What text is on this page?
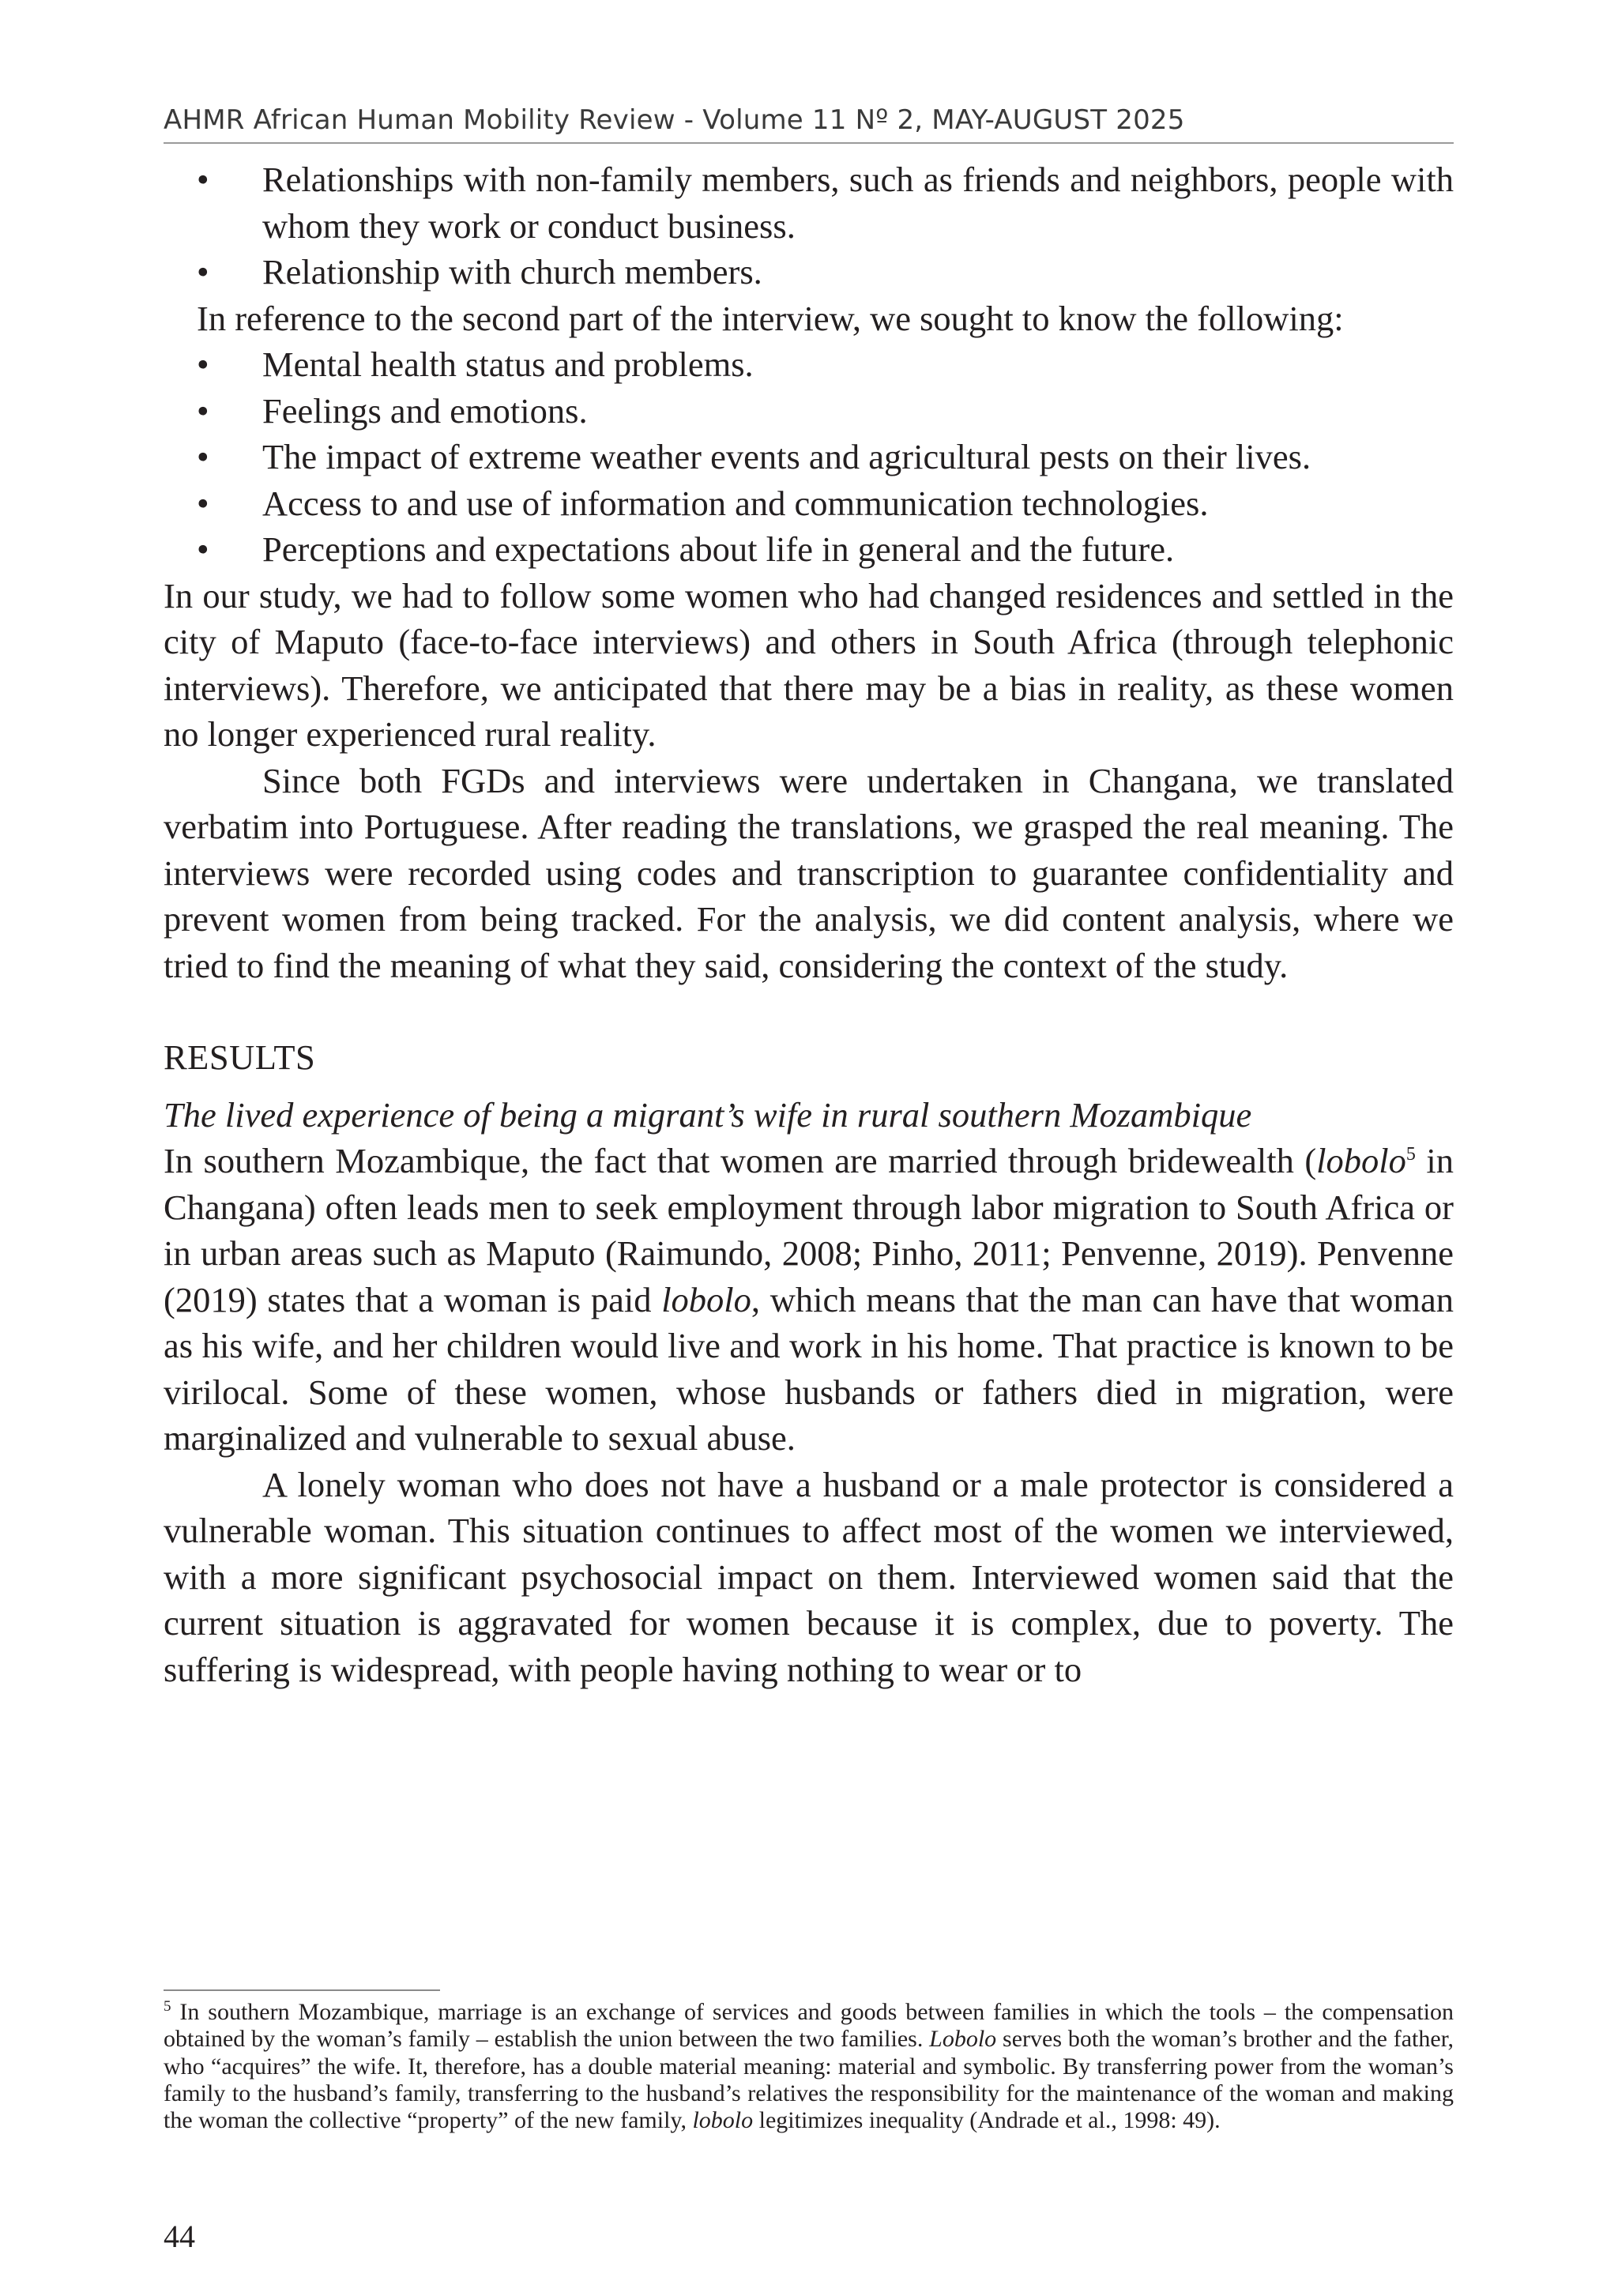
AHMR African Human Mobility Review - Volume 11 Nº 2, MAY-AUGUST 2025
• Relationships with non-family members, such as friends and neighbors, people with whom they work or conduct business.
• Relationship with church members.

In reference to the second part of the interview, we sought to know the following:

• Mental health status and problems.
• Feelings and emotions.
• The impact of extreme weather events and agricultural pests on their lives.
• Access to and use of information and communication technologies.
• Perceptions and expectations about life in general and the future.

In our study, we had to follow some women who had changed residences and settled in the city of Maputo (face-to-face interviews) and others in South Africa (through telephonic interviews). Therefore, we anticipated that there may be a bias in reality, as these women no longer experienced rural reality.

Since both FGDs and interviews were undertaken in Changana, we translated verbatim into Portuguese. After reading the translations, we grasped the real meaning. The interviews were recorded using codes and transcription to guarantee confidentiality and prevent women from being tracked. For the analysis, we did content analysis, where we tried to find the meaning of what they said, considering the context of the study.

RESULTS
The lived experience of being a migrant’s wife in rural southern Mozambique

In southern Mozambique, the fact that women are married through bridewealth (lobolo$^5$ in Changana) often leads men to seek employment through labor migration to South Africa or in urban areas such as Maputo (Raimundo, 2008; Pinho, 2011; Penvenne, 2019). Penvenne (2019) states that a woman is paid lobolo, which means that the man can have that woman as his wife, and her children would live and work in his home. That practice is known to be virilocal. Some of these women, whose husbands or fathers died in migration, were marginalized and vulnerable to sexual abuse.

A lonely woman who does not have a husband or a male protector is considered a vulnerable woman. This situation continues to affect most of the women we interviewed, with a more significant psychosocial impact on them. Interviewed women said that the current situation is aggravated for women because it is complex, due to poverty. The suffering is widespread, with people having nothing to wear or to

$^5$ In southern Mozambique, marriage is an exchange of services and goods between families in which the tools – the compensation obtained by the woman’s family – establish the union between the two families. Lobolo serves both the woman’s brother and the father, who “acquires” the wife. It, therefore, has a double material meaning: material and symbolic. By transferring power from the woman’s family to the husband’s family, transferring to the husband’s relatives the responsibility for the maintenance of the woman and making the woman the collective “property” of the new family, lobolo legitimizes inequality (Andrade et al., 1998: 49).

44
